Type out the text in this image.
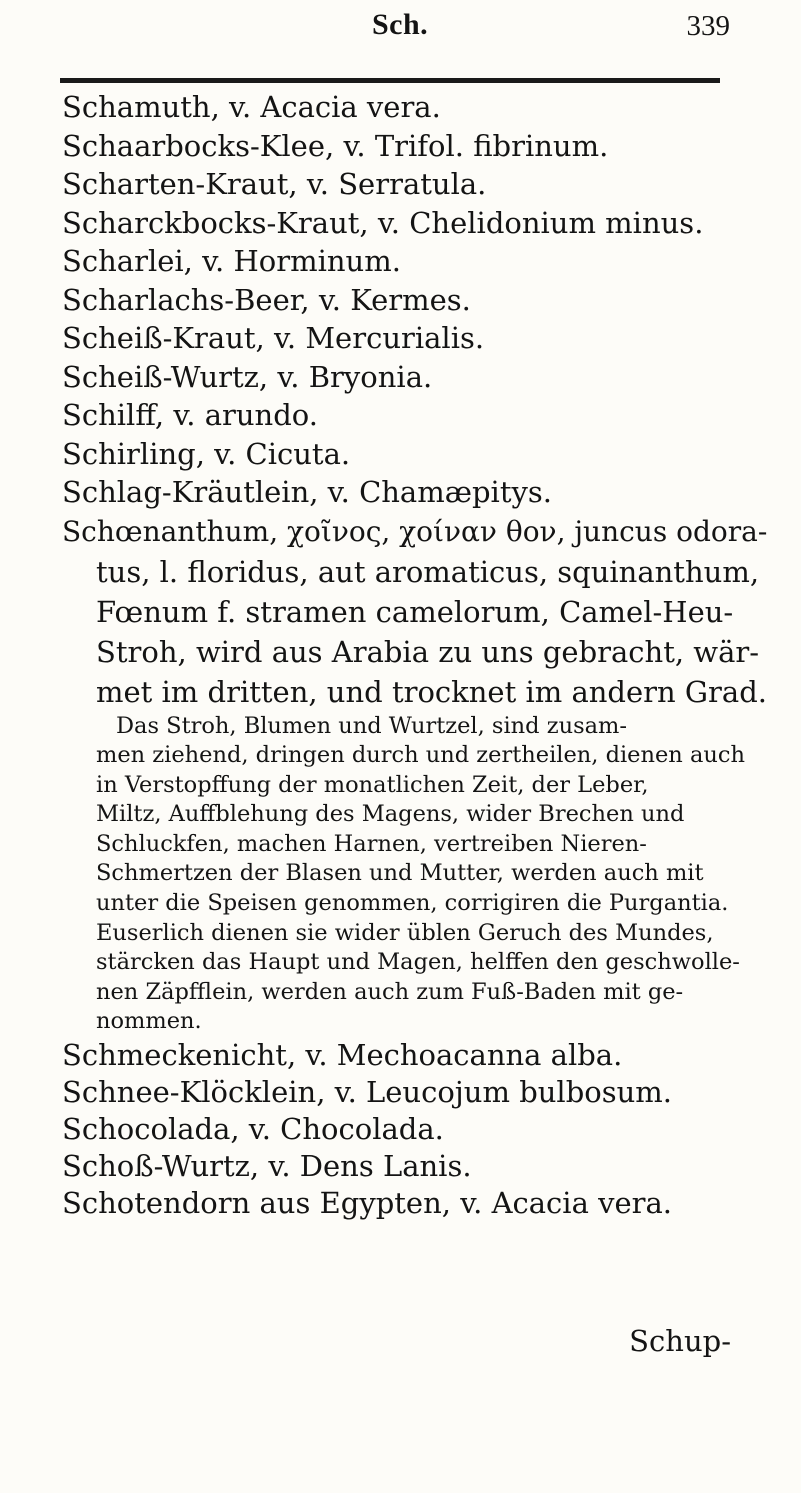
Sch.	339

Schamuth, v. Acacia vera.

Schaarbocks-Klee, v. Trifol. fibrinum.

Scharten-Kraut, v. Serratula.

Scharckbocks-Kraut, v. Chelidonium minus.

Scharlei, v. Horminum.

Scharlachs-Beer, v. Kermes.

Scheiß-Kraut, v. Mercurialis.

Scheiß-Wurtz, v. Bryonia.

Schilff, v. arundo.

Schirling, v. Cicuta.

Schlag-Kräutlein, v. Chamæpitys.

Schœnanthum, χοῖνος, χοίναν θον, juncus odora-

tus, l. floridus, aut aromaticus, squinanthum,

Fœnum f. stramen camelorum, Camel-Heu-

Stroh, wird aus Arabia zu uns gebracht, wär-

met im dritten, und trocknet im andern Grad.

Das Stroh, Blumen und Wurtzel, sind zusam-

men ziehend, dringen durch und zertheilen, dienen auch

in Verstopffung der monatlichen Zeit, der Leber,

Miltz, Auffblehung des Magens, wider Brechen und

Schluckfen, machen Harnen, vertreiben Nieren-

Schmertzen der Blasen und Mutter, werden auch mit

unter die Speisen genommen, corrigiren die Purgantia.

Euserlich dienen sie wider üblen Geruch des Mundes,

stärcken das Haupt und Magen, helffen den geschwolle-

nen Zäpfflein, werden auch zum Fuß-Baden mit ge-

nommen.

Schmeckenicht, v. Mechoacanna alba.

Schnee-Klöcklein, v. Leucojum bulbosum.

Schocolada, v. Chocolada.

Schoß-Wurtz, v. Dens Lanis.

Schotendorn aus Egypten, v. Acacia vera.

Schup-
